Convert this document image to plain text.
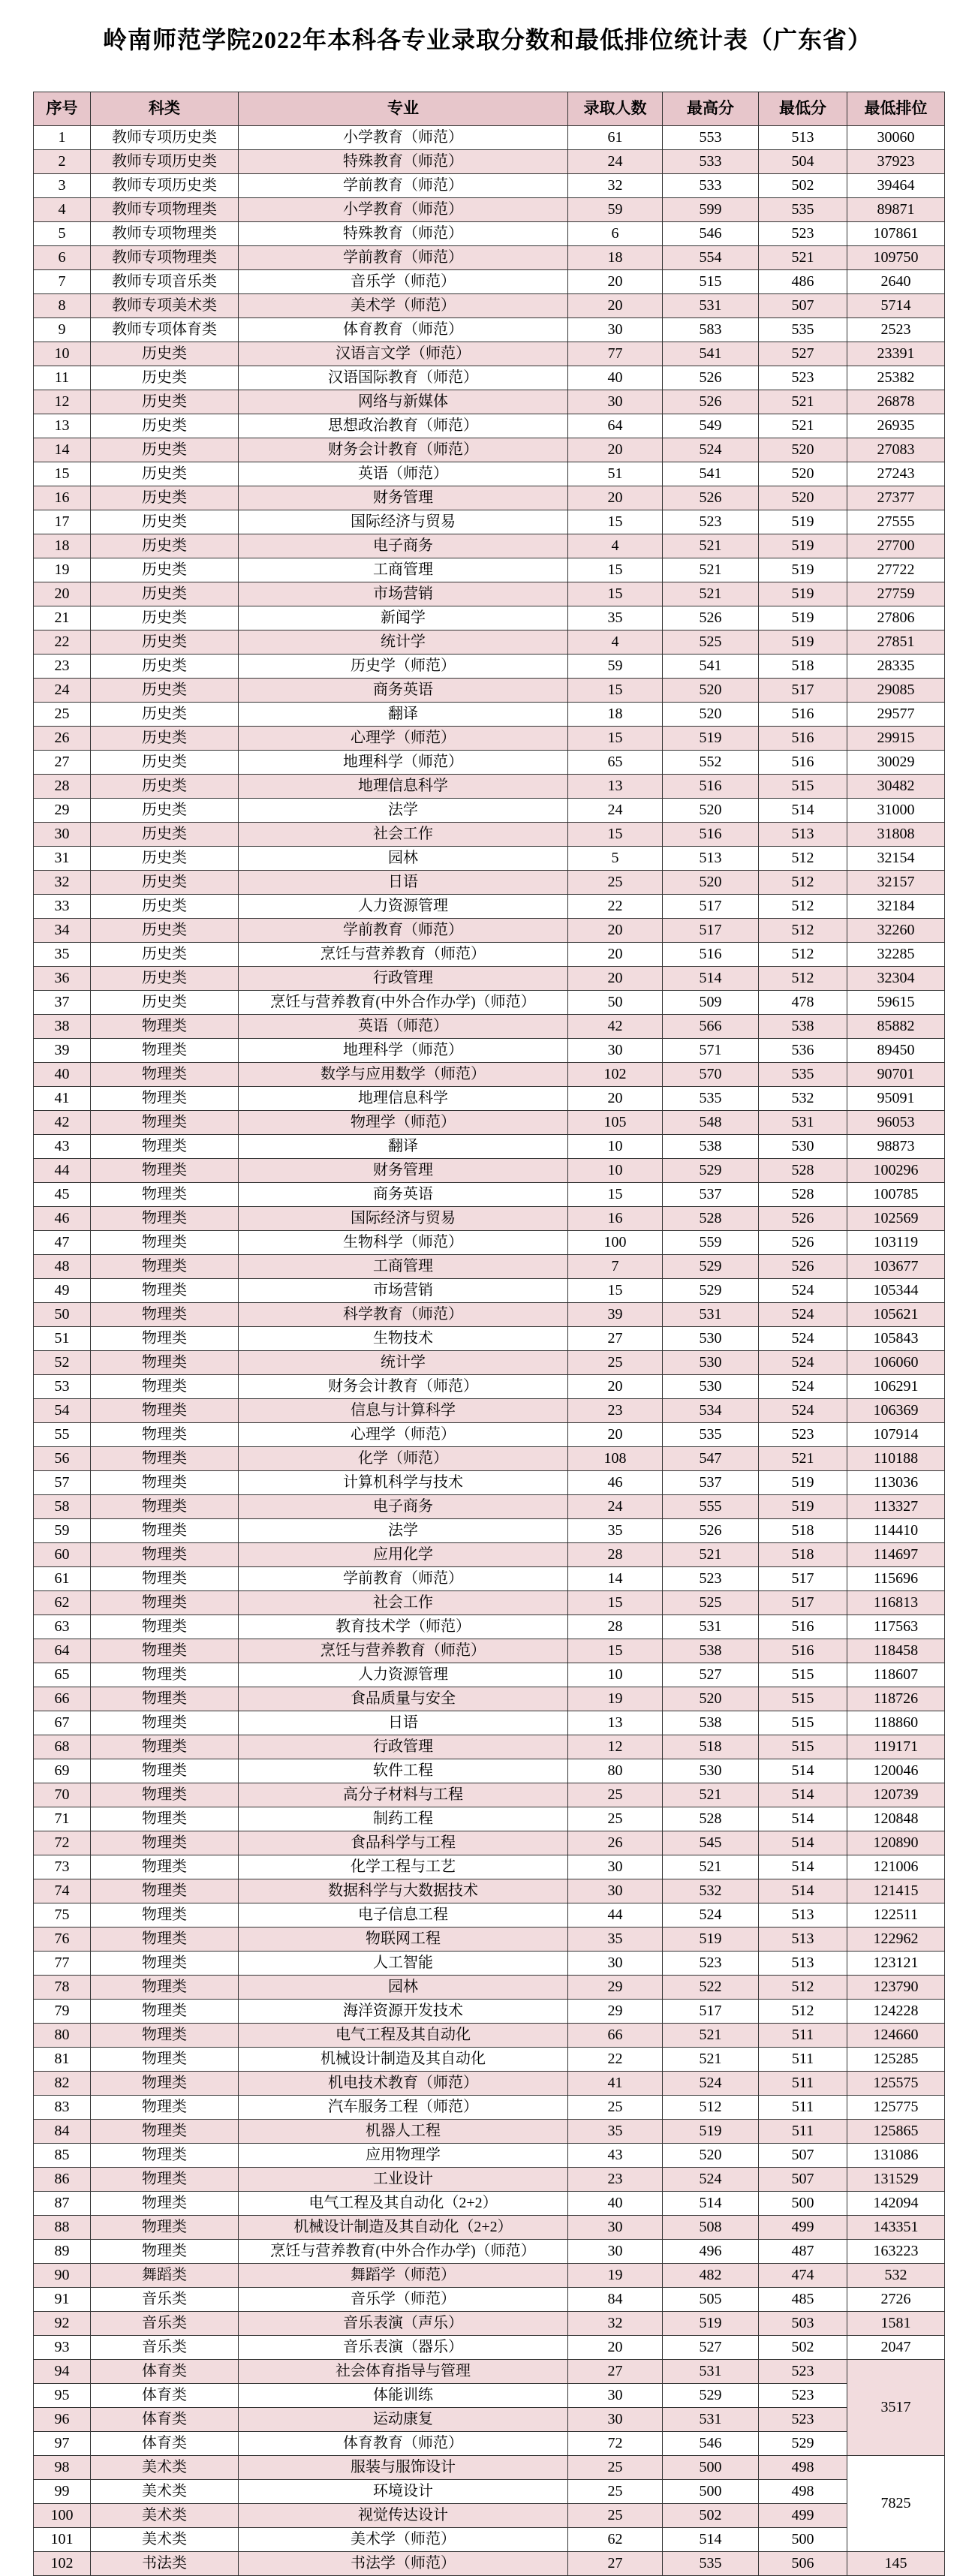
岭南师范学院2022年本科各专业录取分数和最低排位统计表（广东省）
序号	科类	专业	录取人数	最高分	最低分	最低排位
1	教师专项历史类	小学教育（师范）	61	553	513	30060
2	教师专项历史类	特殊教育（师范）	24	533	504	37923
3	教师专项历史类	学前教育（师范）	32	533	502	39464
4	教师专项物理类	小学教育（师范）	59	599	535	89871
5	教师专项物理类	特殊教育（师范）	6	546	523	107861
6	教师专项物理类	学前教育（师范）	18	554	521	109750
7	教师专项音乐类	音乐学（师范）	20	515	486	2640
8	教师专项美术类	美术学（师范）	20	531	507	5714
9	教师专项体育类	体育教育（师范）	30	583	535	2523
10	历史类	汉语言文学（师范）	77	541	527	23391
11	历史类	汉语国际教育（师范）	40	526	523	25382
12	历史类	网络与新媒体	30	526	521	26878
13	历史类	思想政治教育（师范）	64	549	521	26935
14	历史类	财务会计教育（师范）	20	524	520	27083
15	历史类	英语（师范）	51	541	520	27243
16	历史类	财务管理	20	526	520	27377
17	历史类	国际经济与贸易	15	523	519	27555
18	历史类	电子商务	4	521	519	27700
19	历史类	工商管理	15	521	519	27722
20	历史类	市场营销	15	521	519	27759
21	历史类	新闻学	35	526	519	27806
22	历史类	统计学	4	525	519	27851
23	历史类	历史学（师范）	59	541	518	28335
24	历史类	商务英语	15	520	517	29085
25	历史类	翻译	18	520	516	29577
26	历史类	心理学（师范）	15	519	516	29915
27	历史类	地理科学（师范）	65	552	516	30029
28	历史类	地理信息科学	13	516	515	30482
29	历史类	法学	24	520	514	31000
30	历史类	社会工作	15	516	513	31808
31	历史类	园林	5	513	512	32154
32	历史类	日语	25	520	512	32157
33	历史类	人力资源管理	22	517	512	32184
34	历史类	学前教育（师范）	20	517	512	32260
35	历史类	烹饪与营养教育（师范）	20	516	512	32285
36	历史类	行政管理	20	514	512	32304
37	历史类	烹饪与营养教育(中外合作办学)（师范）	50	509	478	59615
38	物理类	英语（师范）	42	566	538	85882
39	物理类	地理科学（师范）	30	571	536	89450
40	物理类	数学与应用数学（师范）	102	570	535	90701
41	物理类	地理信息科学	20	535	532	95091
42	物理类	物理学（师范）	105	548	531	96053
43	物理类	翻译	10	538	530	98873
44	物理类	财务管理	10	529	528	100296
45	物理类	商务英语	15	537	528	100785
46	物理类	国际经济与贸易	16	528	526	102569
47	物理类	生物科学（师范）	100	559	526	103119
48	物理类	工商管理	7	529	526	103677
49	物理类	市场营销	15	529	524	105344
50	物理类	科学教育（师范）	39	531	524	105621
51	物理类	生物技术	27	530	524	105843
52	物理类	统计学	25	530	524	106060
53	物理类	财务会计教育（师范）	20	530	524	106291
54	物理类	信息与计算科学	23	534	524	106369
55	物理类	心理学（师范）	20	535	523	107914
56	物理类	化学（师范）	108	547	521	110188
57	物理类	计算机科学与技术	46	537	519	113036
58	物理类	电子商务	24	555	519	113327
59	物理类	法学	35	526	518	114410
60	物理类	应用化学	28	521	518	114697
61	物理类	学前教育（师范）	14	523	517	115696
62	物理类	社会工作	15	525	517	116813
63	物理类	教育技术学（师范）	28	531	516	117563
64	物理类	烹饪与营养教育（师范）	15	538	516	118458
65	物理类	人力资源管理	10	527	515	118607
66	物理类	食品质量与安全	19	520	515	118726
67	物理类	日语	13	538	515	118860
68	物理类	行政管理	12	518	515	119171
69	物理类	软件工程	80	530	514	120046
70	物理类	高分子材料与工程	25	521	514	120739
71	物理类	制药工程	25	528	514	120848
72	物理类	食品科学与工程	26	545	514	120890
73	物理类	化学工程与工艺	30	521	514	121006
74	物理类	数据科学与大数据技术	30	532	514	121415
75	物理类	电子信息工程	44	524	513	122511
76	物理类	物联网工程	35	519	513	122962
77	物理类	人工智能	30	523	513	123121
78	物理类	园林	29	522	512	123790
79	物理类	海洋资源开发技术	29	517	512	124228
80	物理类	电气工程及其自动化	66	521	511	124660
81	物理类	机械设计制造及其自动化	22	521	511	125285
82	物理类	机电技术教育（师范）	41	524	511	125575
83	物理类	汽车服务工程（师范）	25	512	511	125775
84	物理类	机器人工程	35	519	511	125865
85	物理类	应用物理学	43	520	507	131086
86	物理类	工业设计	23	524	507	131529
87	物理类	电气工程及其自动化（2+2）	40	514	500	142094
88	物理类	机械设计制造及其自动化（2+2）	30	508	499	143351
89	物理类	烹饪与营养教育(中外合作办学)（师范）	30	496	487	163223
90	舞蹈类	舞蹈学（师范）	19	482	474	532
91	音乐类	音乐学（师范）	84	505	485	2726
92	音乐类	音乐表演（声乐）	32	519	503	1581
93	音乐类	音乐表演（器乐）	20	527	502	2047
94	体育类	社会体育指导与管理	27	531	523	3517
95	体育类	体能训练	30	529	523	
96	体育类	运动康复	30	531	523	
97	体育类	体育教育（师范）	72	546	529	
98	美术类	服装与服饰设计	25	500	498	7825
99	美术类	环境设计	25	500	498	
100	美术类	视觉传达设计	25	502	499	
101	美术类	美术学（师范）	62	514	500	
102	书法类	书法学（师范）	27	535	506	145
